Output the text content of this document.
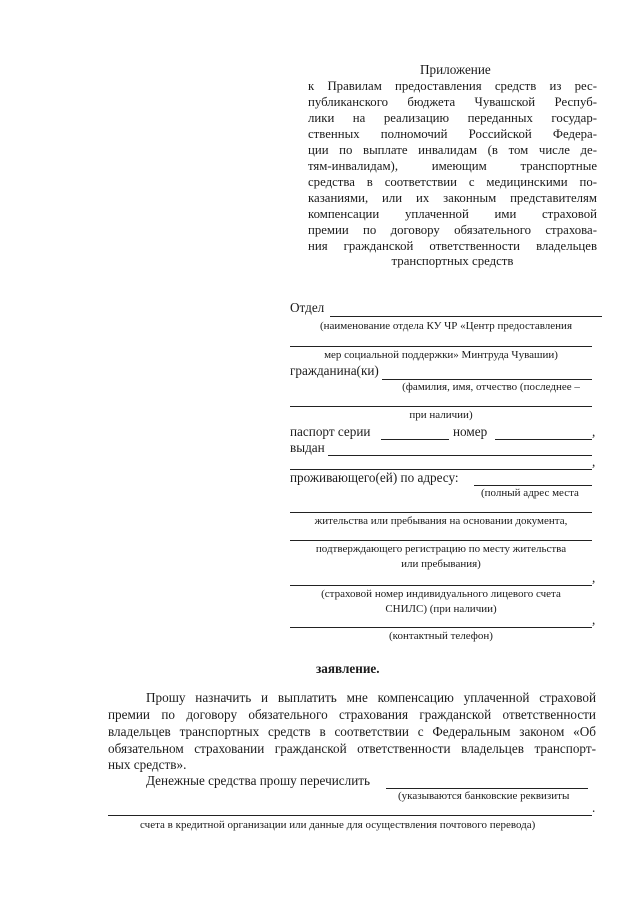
Приложение
к Правилам предоставления средств из рес-
публиканского бюджета Чувашской Респуб-
лики на реализацию переданных государ-
ственных полномочий Российской Федера-
ции по выплате инвалидам (в том числе де-
тям-инвалидам), имеющим транспортные
средства в соответствии с медицинскими по-
казаниями, или их законным представителям
компенсации уплаченной ими страховой
премии по договору обязательного страхова-
ния гражданской ответственности владельцев
транспортных средств
Отдел
(наименование отдела КУ ЧР «Центр предоставления
мер социальной поддержки» Минтруда Чувашии)
гражданина(ки)
(фамилия, имя, отчество (последнее –
при наличии)
паспорт серии	номер	,
выдан
,
проживающего(ей) по адресу:
(полный адрес места
жительства или пребывания на основании документа,
подтверждающего регистрацию по месту жительства
или пребывания)
,
(страховой номер индивидуального лицевого счета
СНИЛС) (при наличии)
,
(контактный телефон)
заявление.
Прошу назначить и выплатить мне компенсацию уплаченной страховой
премии по договору обязательного страхования гражданской ответственности
владельцев транспортных средств в соответствии с Федеральным законом «Об
обязательном страховании гражданской ответственности владельцев транспорт-
ных средств».
Денежные средства прошу перечислить
(указываются банковские реквизиты
.
счета в кредитной организации или данные для осуществления почтового перевода)
